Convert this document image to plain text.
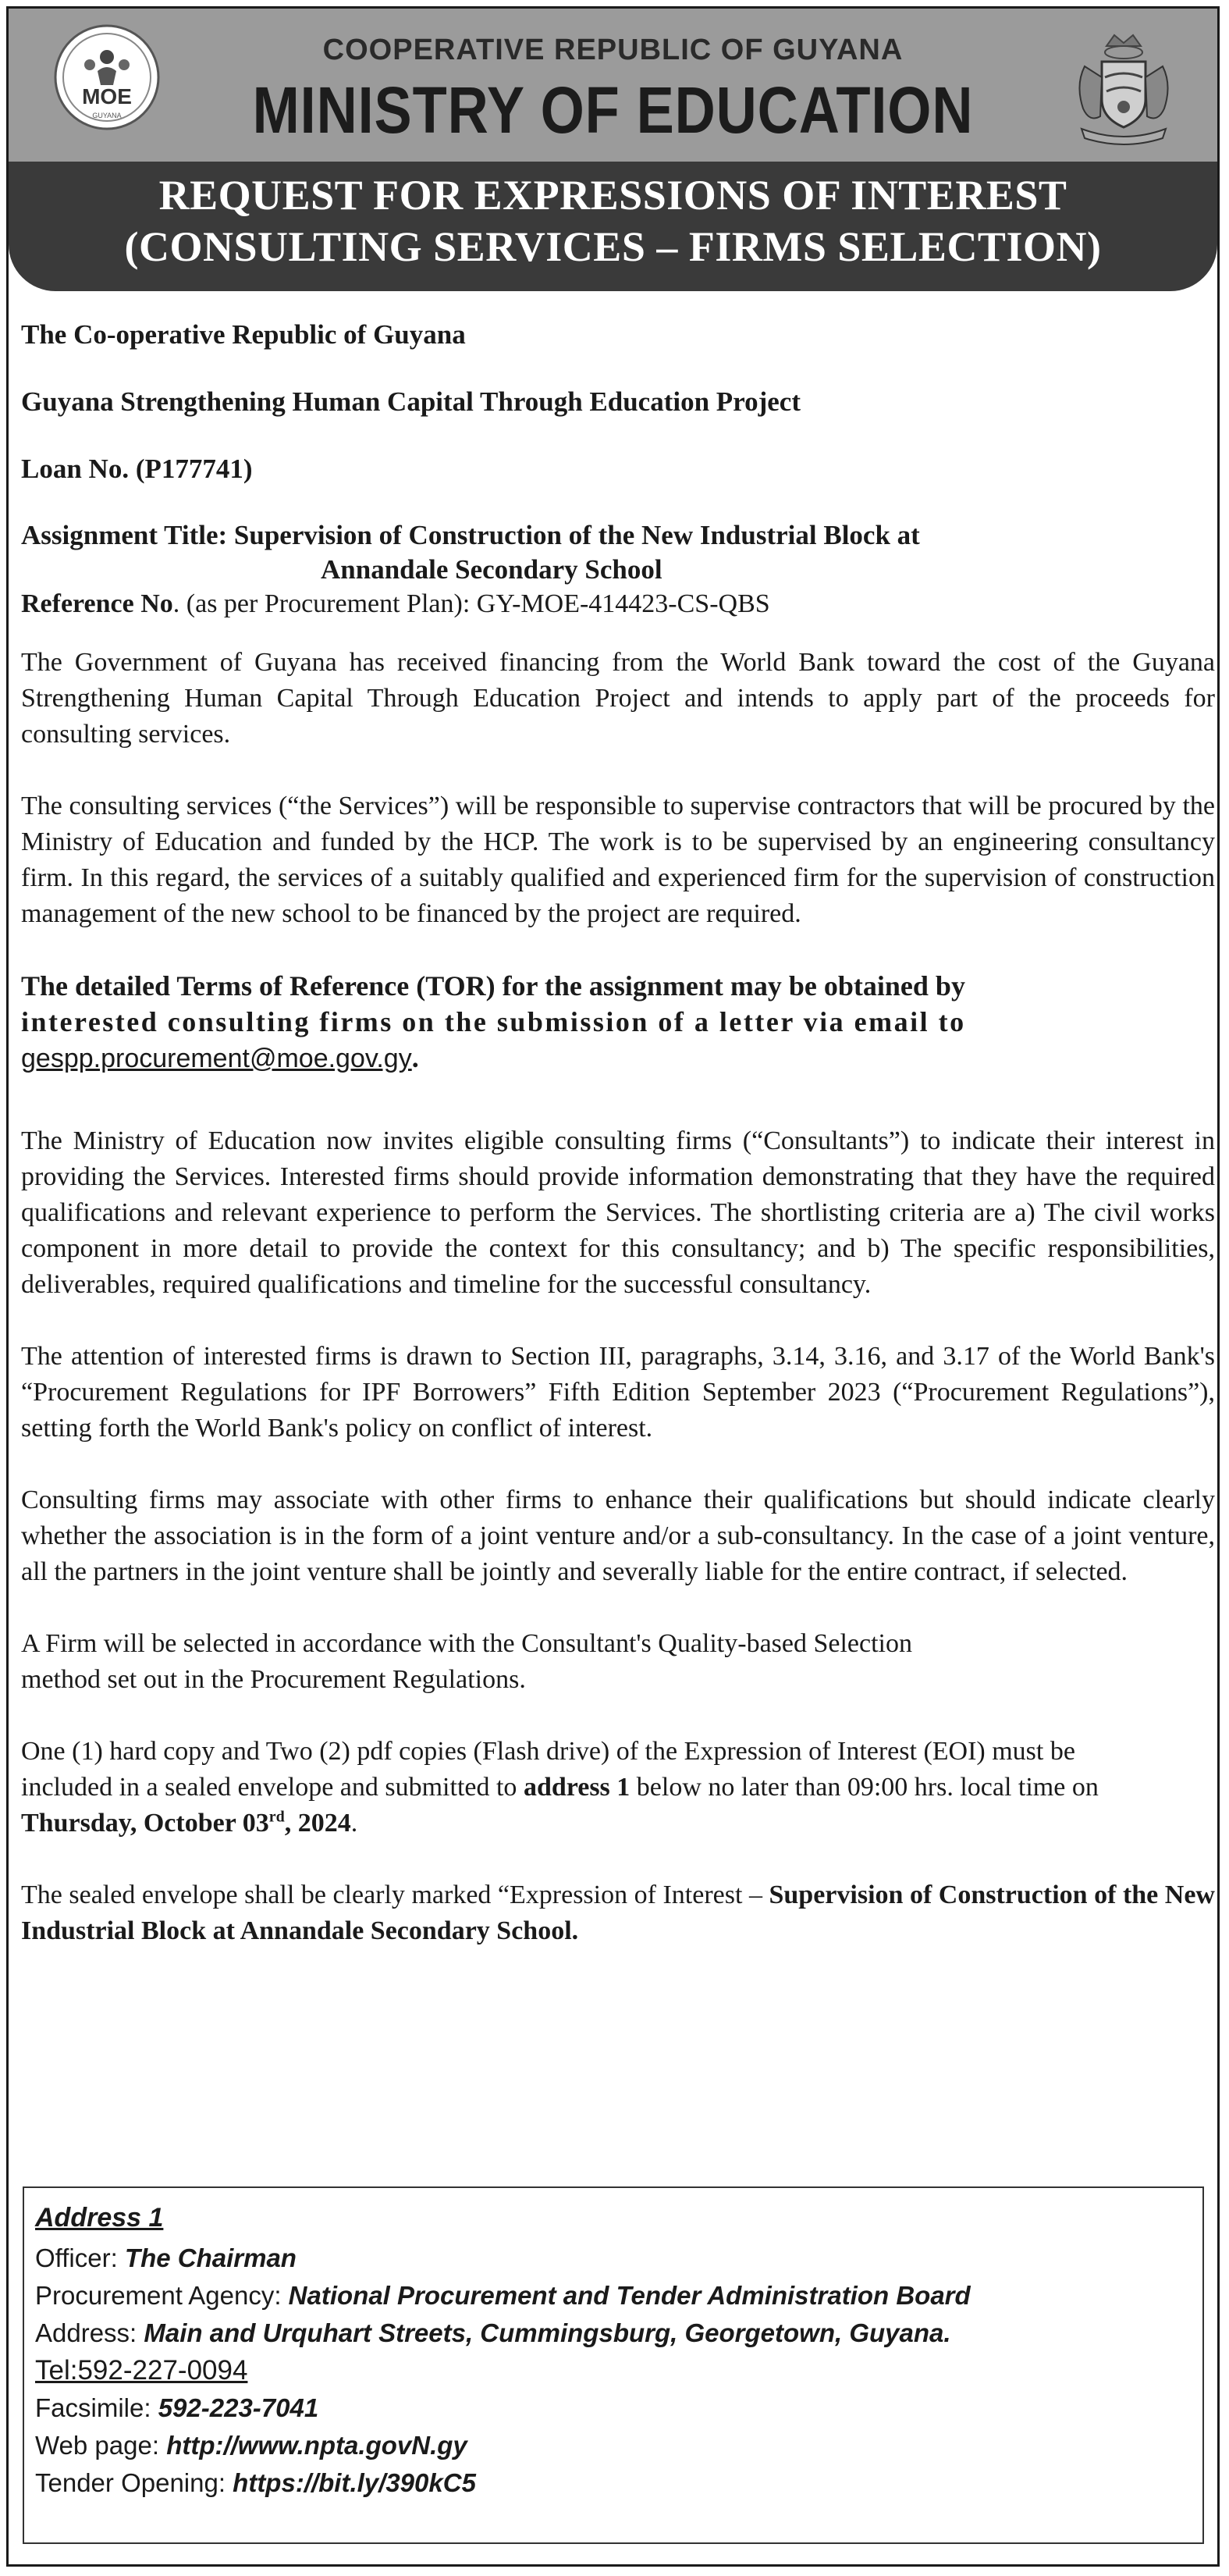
MOE
GUYANA
COOPERATIVE REPUBLIC OF GUYANA
MINISTRY OF EDUCATION
REQUEST FOR EXPRESSIONS OF INTEREST
(CONSULTING SERVICES – FIRMS SELECTION)

The Co-operative Republic of Guyana

Guyana Strengthening Human Capital Through Education Project

Loan No. (P177741)

Assignment Title: Supervision of Construction of the New Industrial Block at

Annandale Secondary School

Reference No. (as per Procurement Plan): GY-MOE-414423-CS-QBS

The Government of Guyana has received financing from the World Bank toward the cost of the Guyana Strengthening Human Capital Through Education Project and intends to apply part of the proceeds for consulting services.

The consulting services (“the Services”) will be responsible to supervise contractors that will be procured by the Ministry of Education and funded by the HCP. The work is to be supervised by an engineering consultancy firm. In this regard, the services of a suitably qualified and experienced firm for the supervision of construction management of the new school to be financed by the project are required.

The detailed Terms of Reference (TOR) for the assignment may be obtained by
interested consulting firms on the submission of a letter via email to
gespp.procurement@moe.gov.gy.

The Ministry of Education now invites eligible consulting firms (“Consultants”) to indicate their interest in providing the Services. Interested firms should provide information demonstrating that they have the required qualifications and relevant experience to perform the Services. The shortlisting criteria are a) The civil works component in more detail to provide the context for this consultancy; and b) The specific responsibilities, deliverables, required qualifications and timeline for the successful consultancy.

The attention of interested firms is drawn to Section III, paragraphs, 3.14, 3.16, and 3.17 of the World Bank's “Procurement Regulations for IPF Borrowers” Fifth Edition September 2023 (“Procurement Regulations”), setting forth the World Bank's policy on conflict of interest.

Consulting firms may associate with other firms to enhance their qualifications but should indicate clearly whether the association is in the form of a joint venture and/or a sub-consultancy. In the case of a joint venture, all the partners in the joint venture shall be jointly and severally liable for the entire contract, if selected.

A Firm will be selected in accordance with the Consultant's Quality-based Selection

method set out in the Procurement Regulations.

One (1) hard copy and Two (2) pdf copies (Flash drive) of the Expression of Interest (EOI) must be included in a sealed envelope and submitted to address 1 below no later than 09:00 hrs. local time on Thursday, October 03rd, 2024.

The sealed envelope shall be clearly marked “Expression of Interest – Supervision of Construction of the New Industrial Block at Annandale Secondary School.

Address 1
Officer: The Chairman
Procurement Agency: National Procurement and Tender Administration Board
Address: Main and Urquhart Streets, Cummingsburg, Georgetown, Guyana.
Tel:592-227-0094
Facsimile: 592-223-7041
Web page: http://www.npta.govN.gy
Tender Opening: https://bit.ly/390kC5
